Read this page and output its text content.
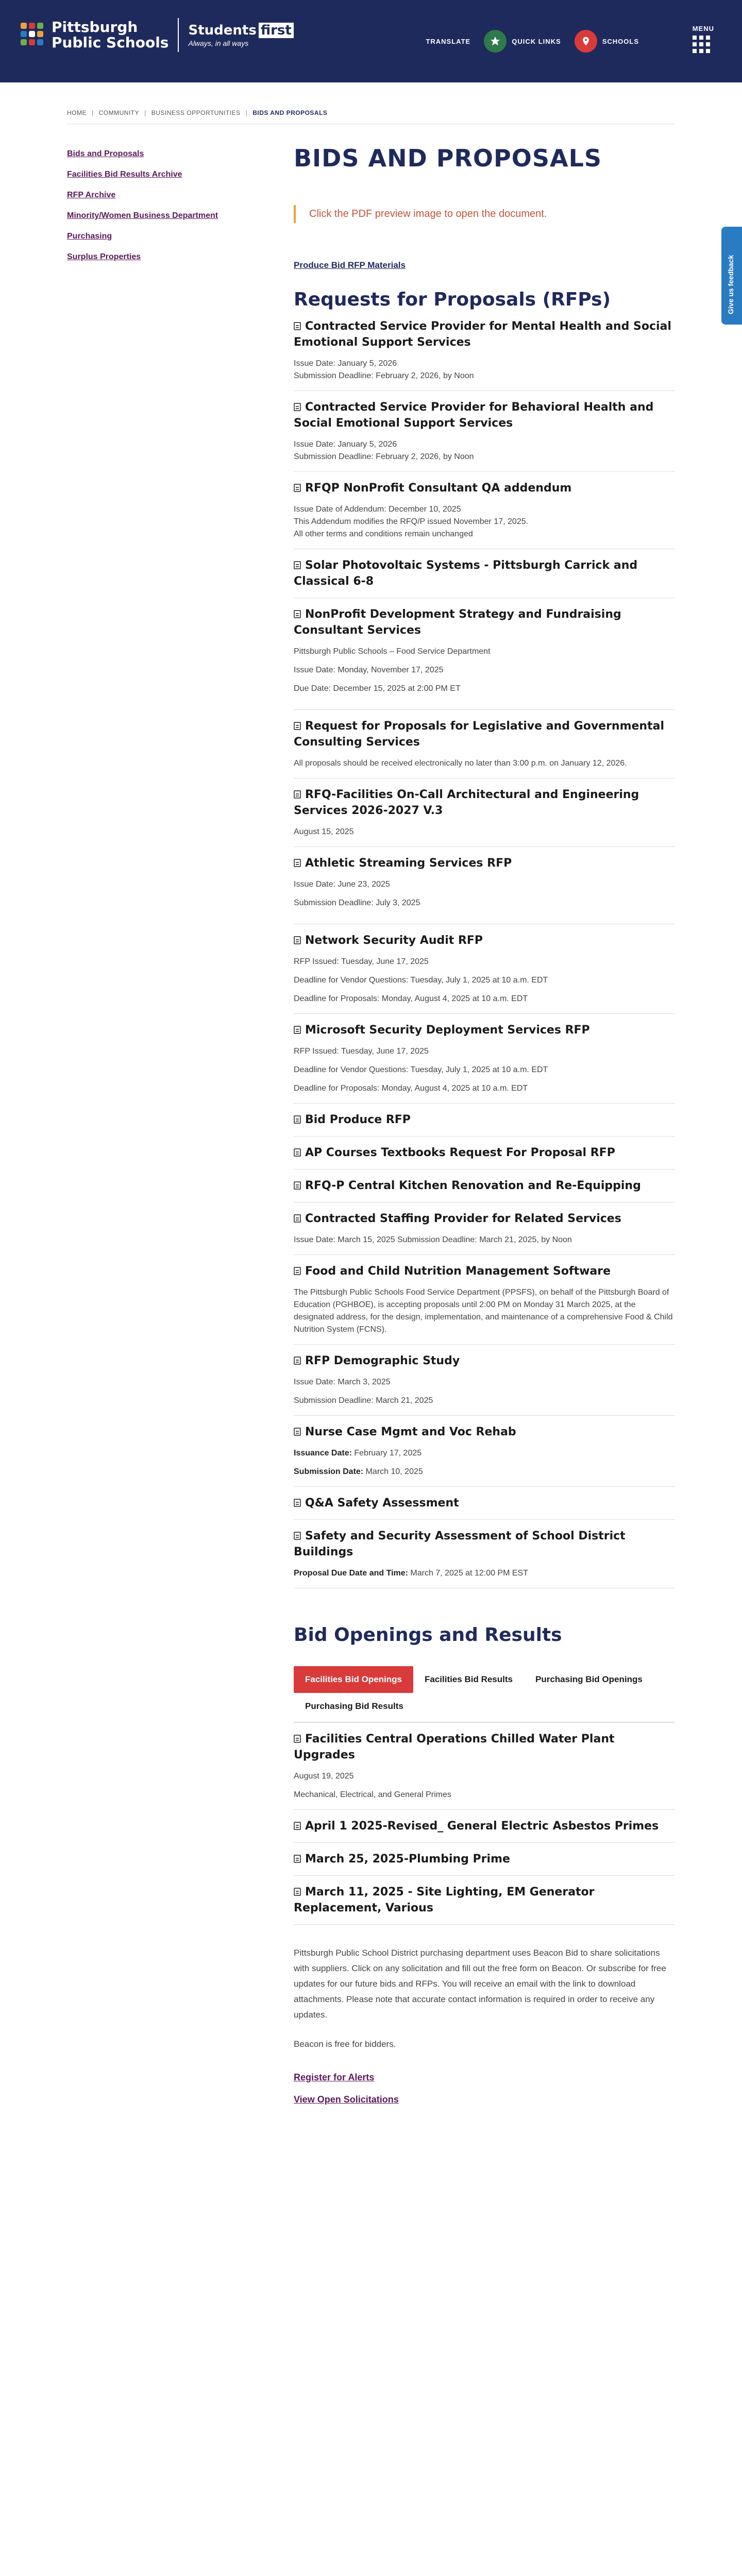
Pittsburgh
Public Schools
Students first
Always, in all ways	TRANSLATE	QUICK LINKS	SCHOOLS
MENU
HOME | COMMUNITY | BUSINESS OPPORTUNITIES | BIDS AND PROPOSALS
Bids and Proposals
Facilities Bid Results Archive
RFP Archive
Minority/Women Business Department
Purchasing
Surplus Properties
BIDS AND PROPOSALS
Click the PDF preview image to open the document.
Produce Bid RFP Materials
Requests for Proposals (RFPs)
Contracted Service Provider for Mental Health and Social Emotional Support Services

Issue Date: January 5, 2026
Submission Deadline: February 2, 2026, by Noon

Contracted Service Provider for Behavioral Health and Social Emotional Support Services

Issue Date: January 5, 2026
Submission Deadline: February 2, 2026, by Noon

RFQP NonProfit Consultant QA addendum

Issue Date of Addendum: December 10, 2025
This Addendum modifies the RFQ/P issued November 17, 2025.
All other terms and conditions remain unchanged

Solar Photovoltaic Systems - Pittsburgh Carrick and Classical 6-8
NonProfit Development Strategy and Fundraising Consultant Services

Pittsburgh Public Schools – Food Service Department

Issue Date: Monday, November 17, 2025

Due Date: December 15, 2025 at 2:00 PM ET

Request for Proposals for Legislative and Governmental Consulting Services

All proposals should be received electronically no later than 3:00 p.m. on January 12, 2026.

RFQ-Facilities On-Call Architectural and Engineering Services 2026-2027 V.3

August 15, 2025

Athletic Streaming Services RFP

Issue Date: June 23, 2025

Submission Deadline: July 3, 2025

Network Security Audit RFP

RFP Issued: Tuesday, June 17, 2025

Deadline for Vendor Questions: Tuesday, July 1, 2025 at 10 a.m. EDT

Deadline for Proposals: Monday, August 4, 2025 at 10 a.m. EDT

Microsoft Security Deployment Services RFP

RFP Issued: Tuesday, June 17, 2025

Deadline for Vendor Questions: Tuesday, July 1, 2025 at 10 a.m. EDT

Deadline for Proposals: Monday, August 4, 2025 at 10 a.m. EDT

Bid Produce RFP
AP Courses Textbooks Request For Proposal RFP
RFQ-P Central Kitchen Renovation and Re-Equipping
Contracted Staffing Provider for Related Services

Issue Date: March 15, 2025 Submission Deadline: March 21, 2025, by Noon

Food and Child Nutrition Management Software

The Pittsburgh Public Schools Food Service Department (PPSFS), on behalf of the Pittsburgh Board of Education (PGHBOE), is accepting proposals until 2:00 PM on Monday 31 March 2025, at the designated address, for the design, implementation, and maintenance of a comprehensive Food & Child Nutrition System (FCNS).

RFP Demographic Study

Issue Date: March 3, 2025

Submission Deadline: March 21, 2025

Nurse Case Mgmt and Voc Rehab

Issuance Date: February 17, 2025

Submission Date: March 10, 2025

Q&A Safety Assessment
Safety and Security Assessment of School District Buildings

Proposal Due Date and Time: March 7, 2025 at 12:00 PM EST

Bid Openings and Results
Facilities Bid Openings	Facilities Bid Results	Purchasing Bid Openings
Purchasing Bid Results
Facilities Central Operations Chilled Water Plant Upgrades

August 19, 2025

Mechanical, Electrical, and General Primes

April 1 2025-Revised_ General Electric Asbestos Primes
March 25, 2025-Plumbing Prime
March 11, 2025 - Site Lighting, EM Generator Replacement, Various

Pittsburgh Public School District purchasing department uses Beacon Bid to share solicitations with suppliers. Click on any solicitation and fill out the free form on Beacon. Or subscribe for free updates for our future bids and RFPs. You will receive an email with the link to download attachments. Please note that accurate contact information is required in order to receive any updates.

Beacon is free for bidders.

Register for Alerts
View Open Solicitations
Give us feedback
